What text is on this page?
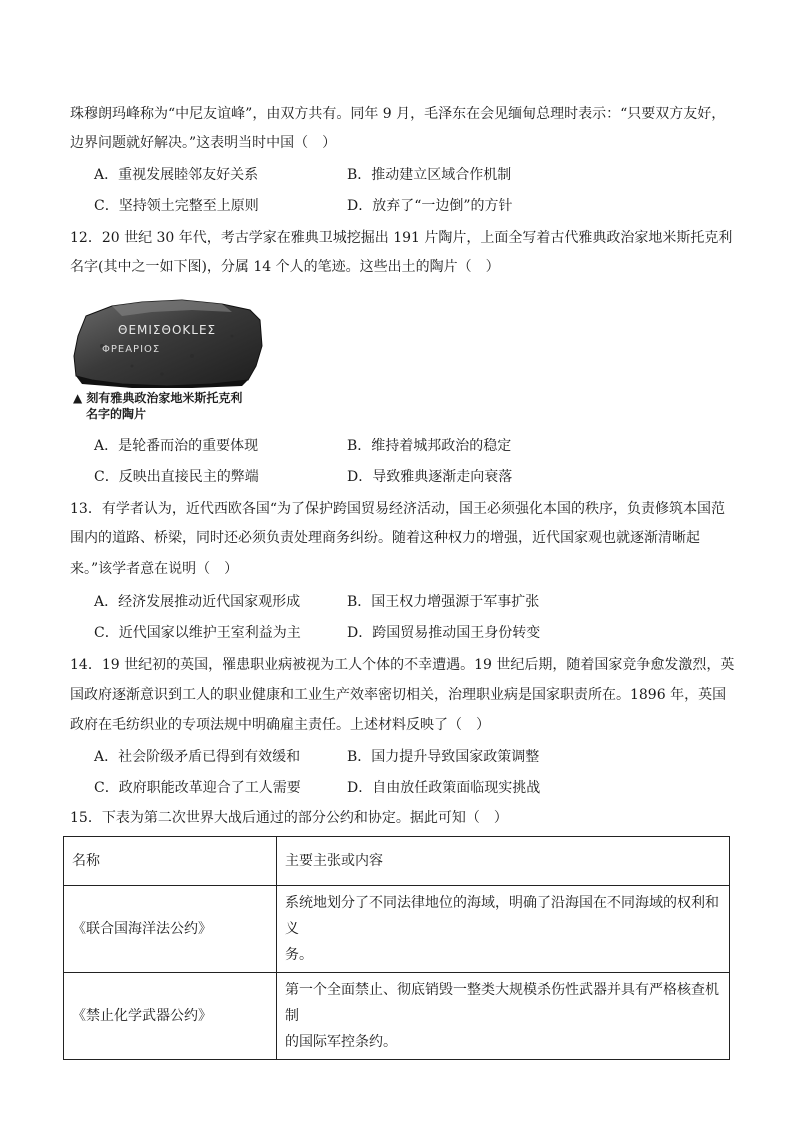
珠穆朗玛峰称为“中尼友谊峰”，由双方共有。同年 9 月，毛泽东在会见缅甸总理时表示：“只要双方友好，
边界问题就好解决。”这表明当时中国（　）
A．重视发展睦邻友好关系	B．推动建立区域合作机制
C．坚持领土完整至上原则	D．放弃了“一边倒”的方针
12．20 世纪 30 年代，考古学家在雅典卫城挖掘出 191 片陶片，上面全写着古代雅典政治家地米斯托克利
名字(其中之一如下图)，分属 14 个人的笔迹。这些出土的陶片（　）
ΘEMIΣΘOKLEΣ
ΦPEAPIOΣ
▲ 刻有雅典政治家地米斯托克利
名字的陶片
A．是轮番而治的重要体现	B．维持着城邦政治的稳定
C．反映出直接民主的弊端	D．导致雅典逐渐走向衰落
13．有学者认为，近代西欧各国“为了保护跨国贸易经济活动，国王必须强化本国的秩序，负责修筑本国范
围内的道路、桥梁，同时还必须负责处理商务纠纷。随着这种权力的增强，近代国家观也就逐渐清晰起
来。”该学者意在说明（　）
A．经济发展推动近代国家观形成	B．国王权力增强源于军事扩张
C．近代国家以维护王室利益为主	D．跨国贸易推动国王身份转变
14．19 世纪初的英国，罹患职业病被视为工人个体的不幸遭遇。19 世纪后期，随着国家竞争愈发激烈，英
国政府逐渐意识到工人的职业健康和工业生产效率密切相关，治理职业病是国家职责所在。1896 年，英国
政府在毛纺织业的专项法规中明确雇主责任。上述材料反映了（　）
A．社会阶级矛盾已得到有效缓和	B．国力提升导致国家政策调整
C．政府职能改革迎合了工人需要	D．自由放任政策面临现实挑战
15．下表为第二次世界大战后通过的部分公约和协定。据此可知（　）
名称	主要主张或内容
《联合国海洋法公约》	系统地划分了不同法律地位的海域，明确了沿海国在不同海域的权利和义
务。

《禁止化学武器公约》	第一个全面禁止、彻底销毁一整类大规模杀伤性武器并具有严格核查机制
的国际军控条约。
